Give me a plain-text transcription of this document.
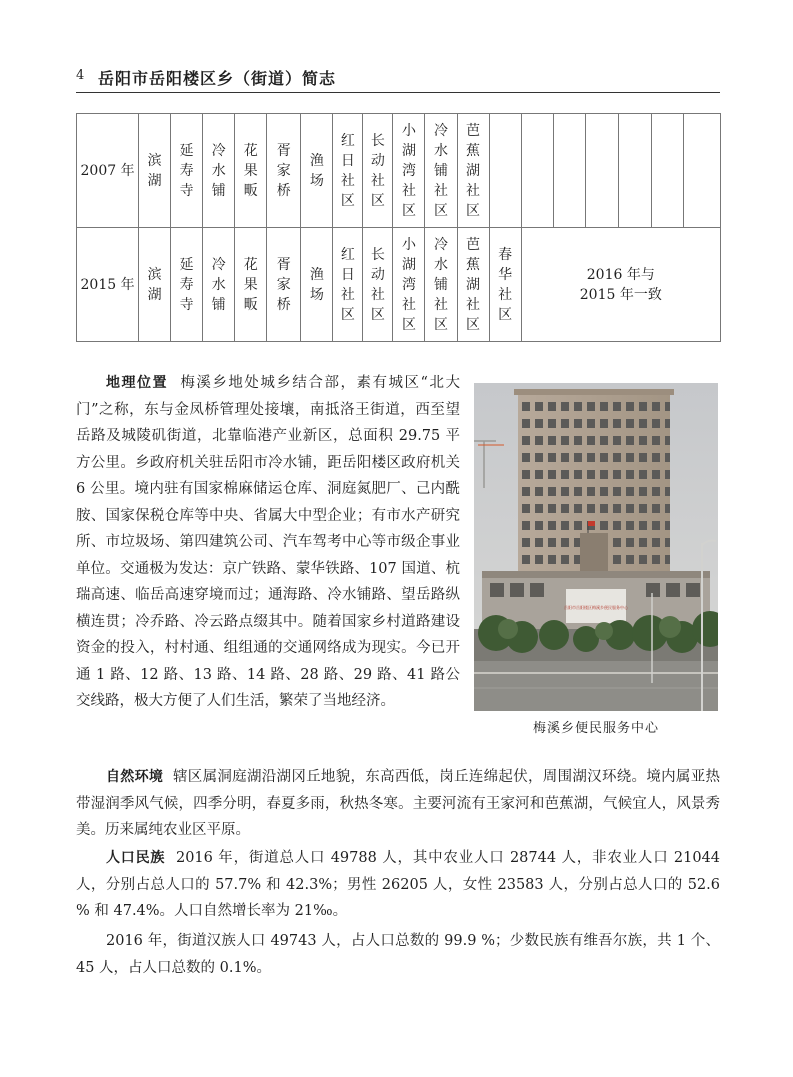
4 岳阳市岳阳楼区乡（街道）简志
2007 年	滨湖	延寿寺	冷水铺	花果畈	胥家桥	渔场	红日社区	长动社区	小湖湾社区	冷水铺社区	芭蕉湖社区							
2015 年	滨湖	延寿寺	冷水铺	花果畈	胥家桥	渔场	红日社区	长动社区	小湖湾社区	冷水铺社区	芭蕉湖社区	春华社区	2016 年与
2015 年一致					

地理位置 梅溪乡地处城乡结合部，素有城区“北大门”之称，东与金凤桥管理处接壤，南抵洛王街道，西至望岳路及城陵矶街道，北靠临港产业新区，总面积 29.75 平方公里。乡政府机关驻岳阳市冷水铺，距岳阳楼区政府机关 6 公里。境内驻有国家棉麻储运仓库、洞庭氮肥厂、己内酰胺、国家保税仓库等中央、省属大中型企业；有市水产研究所、市垃圾场、第四建筑公司、汽车驾考中心等市级企事业单位。交通极为发达：京广铁路、蒙华铁路、107 国道、杭瑞高速、临岳高速穿境而过；通海路、冷水铺路、望岳路纵横连贯；冷乔路、冷云路点缀其中。随着国家乡村道路建设资金的投入，村村通、组组通的交通网络成为现实。今已开通 1 路、12 路、13 路、14 路、28 路、29 路、41 路公交线路，极大方便了人们生活，繁荣了当地经济。

岳阳市岳阳楼区梅溪乡便民服务中心
梅溪乡便民服务中心

自然环境 辖区属洞庭湖沿湖冈丘地貌，东高西低，岗丘连绵起伏，周围湖汉环绕。境内属亚热带湿润季风气候，四季分明，春夏多雨，秋热冬寒。主要河流有王家河和芭蕉湖，气候宜人，风景秀美。历来属纯农业区平原。

人口民族 2016 年，街道总人口 49788 人，其中农业人口 28744 人，非农业人口 21044 人，分别占总人口的 57.7% 和 42.3%；男性 26205 人，女性 23583 人，分别占总人口的 52.6 % 和 47.4%。人口自然增长率为 21‰。

2016 年，街道汉族人口 49743 人，占人口总数的 99.9 %；少数民族有维吾尔族，共 1 个、45 人，占人口总数的 0.1%。
